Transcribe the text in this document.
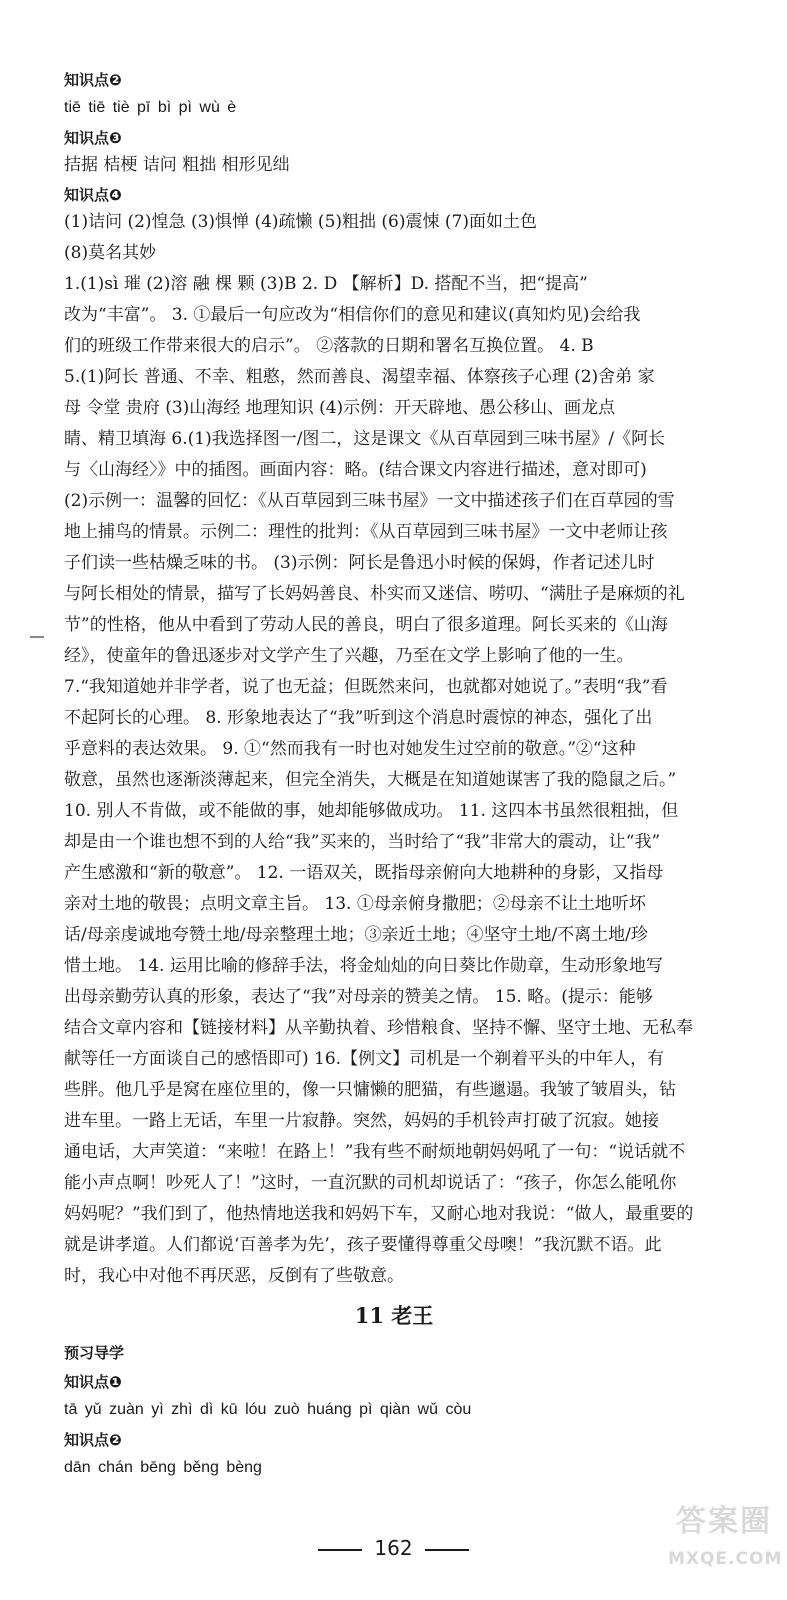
知识点❷
tiē tiē tiè pī bì pì wù è
知识点❸
拮据 桔梗 诘问 粗拙 相形见绌
知识点❹
(1)诘问 (2)惶急 (3)惧惮 (4)疏懒 (5)粗拙 (6)震悚 (7)面如土色
(8)莫名其妙
1.(1)sì 璀 (2)溶 融 棵 颗 (3)B 2. D 【解析】D. 搭配不当，把“提高”
改为“丰富”。 3. ①最后一句应改为“相信你们的意见和建议(真知灼见)会给我
们的班级工作带来很大的启示”。 ②落款的日期和署名互换位置。 4. B
5.(1)阿长 普通、不幸、粗憨，然而善良、渴望幸福、体察孩子心理 (2)舍弟 家
母 令堂 贵府 (3)山海经 地理知识 (4)示例：开天辟地、愚公移山、画龙点
睛、精卫填海 6.(1)我选择图一/图二，这是课文《从百草园到三味书屋》/《阿长
与〈山海经〉》中的插图。画面内容：略。(结合课文内容进行描述，意对即可)
(2)示例一：温馨的回忆：《从百草园到三味书屋》一文中描述孩子们在百草园的雪
地上捕鸟的情景。示例二：理性的批判：《从百草园到三味书屋》一文中老师让孩
子们读一些枯燥乏味的书。 (3)示例：阿长是鲁迅小时候的保姆，作者记述儿时
与阿长相处的情景，描写了长妈妈善良、朴实而又迷信、唠叨、“满肚子是麻烦的礼
节”的性格，他从中看到了劳动人民的善良，明白了很多道理。阿长买来的《山海
经》，使童年的鲁迅逐步对文学产生了兴趣，乃至在文学上影响了他的一生。
7.“我知道她并非学者，说了也无益；但既然来问，也就都对她说了。”表明“我”看
不起阿长的心理。 8. 形象地表达了“我”听到这个消息时震惊的神态，强化了出
乎意料的表达效果。 9. ①“然而我有一时也对她发生过空前的敬意。”②“这种
敬意，虽然也逐渐淡薄起来，但完全消失，大概是在知道她谋害了我的隐鼠之后。”
10. 别人不肯做，或不能做的事，她却能够做成功。 11. 这四本书虽然很粗拙，但
却是由一个谁也想不到的人给“我”买来的，当时给了“我”非常大的震动，让“我”
产生感激和“新的敬意”。 12. 一语双关，既指母亲俯向大地耕种的身影，又指母
亲对土地的敬畏；点明文章主旨。 13. ①母亲俯身撒肥；②母亲不让土地听坏
话/母亲虔诚地夸赞土地/母亲整理土地；③亲近土地；④坚守土地/不离土地/珍
惜土地。 14. 运用比喻的修辞手法，将金灿灿的向日葵比作勋章，生动形象地写
出母亲勤劳认真的形象，表达了“我”对母亲的赞美之情。 15. 略。(提示：能够
结合文章内容和【链接材料】从辛勤执着、珍惜粮食、坚持不懈、坚守土地、无私奉
献等任一方面谈自己的感悟即可) 16.【例文】司机是一个剃着平头的中年人，有
些胖。他几乎是窝在座位里的，像一只慵懒的肥猫，有些邋遢。我皱了皱眉头，钻
进车里。一路上无话，车里一片寂静。突然，妈妈的手机铃声打破了沉寂。她接
通电话，大声笑道：“来啦！在路上！”我有些不耐烦地朝妈妈吼了一句：“说话就不
能小声点啊！吵死人了！”这时，一直沉默的司机却说话了：“孩子，你怎么能吼你
妈妈呢？”我们到了，他热情地送我和妈妈下车，又耐心地对我说：“做人，最重要的
就是讲孝道。人们都说‘百善孝为先’，孩子要懂得尊重父母噢！”我沉默不语。此
时，我心中对他不再厌恶，反倒有了些敬意。
11 老王
预习导学
知识点❶
tā yǔ zuàn yì zhì dì kū lóu zuò huáng pì qiàn wǔ còu
知识点❷
dān chán bēng běng bèng
162
答案圈
MXQE.COM
